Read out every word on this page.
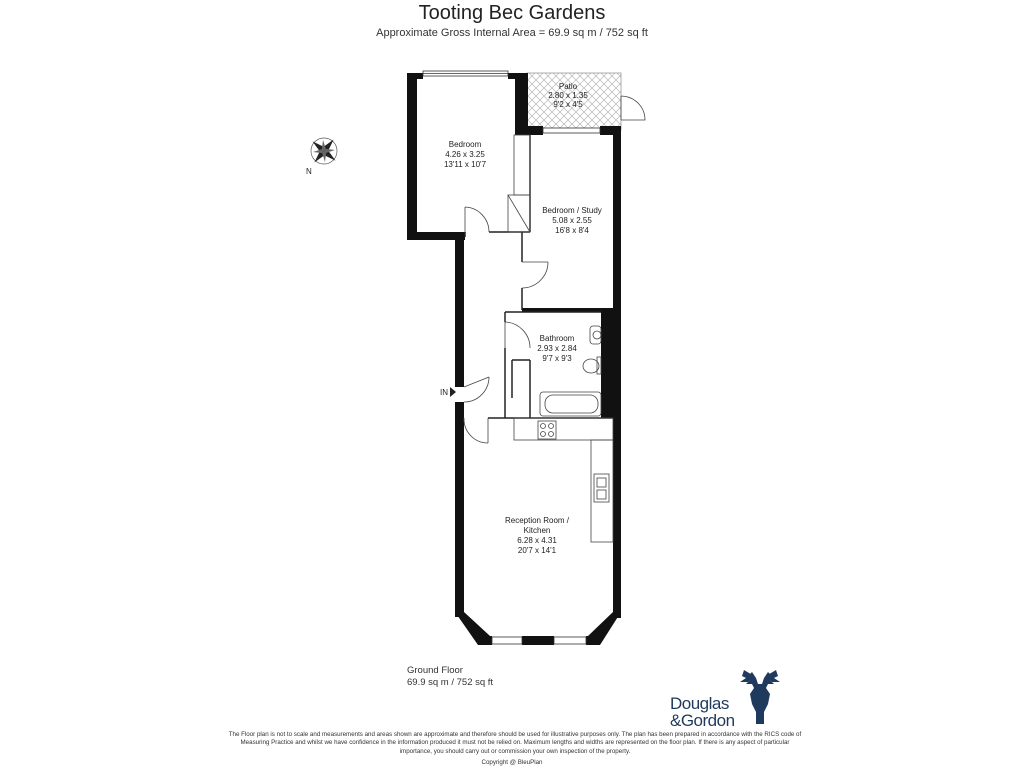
Tooting Bec Gardens
Approximate Gross Internal Area = 69.9 sq m / 752 sq ft
N
IN
Patio
2.80 x 1.35
9'2 x 4'5
Bedroom
4.26 x 3.25
13'11 x 10'7
Bedroom / Study
5.08 x 2.55
16'8 x 8'4
Bathroom
2.93 x 2.84
9'7 x 9'3
Reception Room /
20'7 x 14'1
6.28 x 4.31
Kitchen
Ground Floor
69.9 sq m / 752 sq ft
Douglas
&Gordon
The Floor plan is not to scale and measurements and areas shown are approximate and therefore should be used for illustrative purposes only. The plan has been prepared in accordance with the RICS code of Measuring Practice and whilst we have confidence in the information produced it must not be relied on. Maximum lengths and widths are represented on the floor plan. If there is any aspect of particular importance, you should carry out or commission your own inspection of the property.
Copyright @ BleuPlan
